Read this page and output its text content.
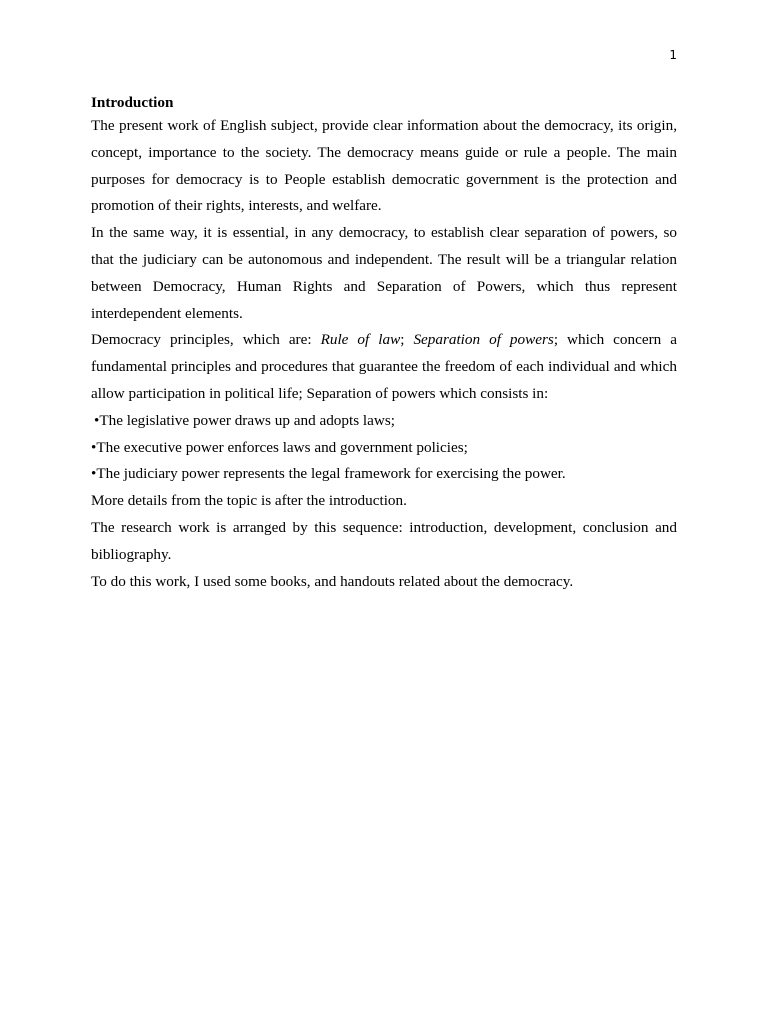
1

Introduction

The present work of English subject, provide clear information about the democracy, its origin, concept, importance to the society. The democracy means guide or rule a people. The main purposes for democracy is to People establish democratic government is the protection and promotion of their rights, interests, and welfare.

In the same way, it is essential, in any democracy, to establish clear separation of powers, so that the judiciary can be autonomous and independent. The result will be a triangular relation between Democracy, Human Rights and Separation of Powers, which thus represent interdependent elements.

Democracy principles, which are: Rule of law; Separation of powers; which concern a fundamental principles and procedures that guarantee the freedom of each individual and which allow participation in political life; Separation of powers which consists in:

•The legislative power draws up and adopts laws;

•The executive power enforces laws and government policies;

•The judiciary power represents the legal framework for exercising the power.

More details from the topic is after the introduction.

The research work is arranged by this sequence: introduction, development, conclusion and bibliography.

To do this work, I used some books, and handouts related about the democracy.
